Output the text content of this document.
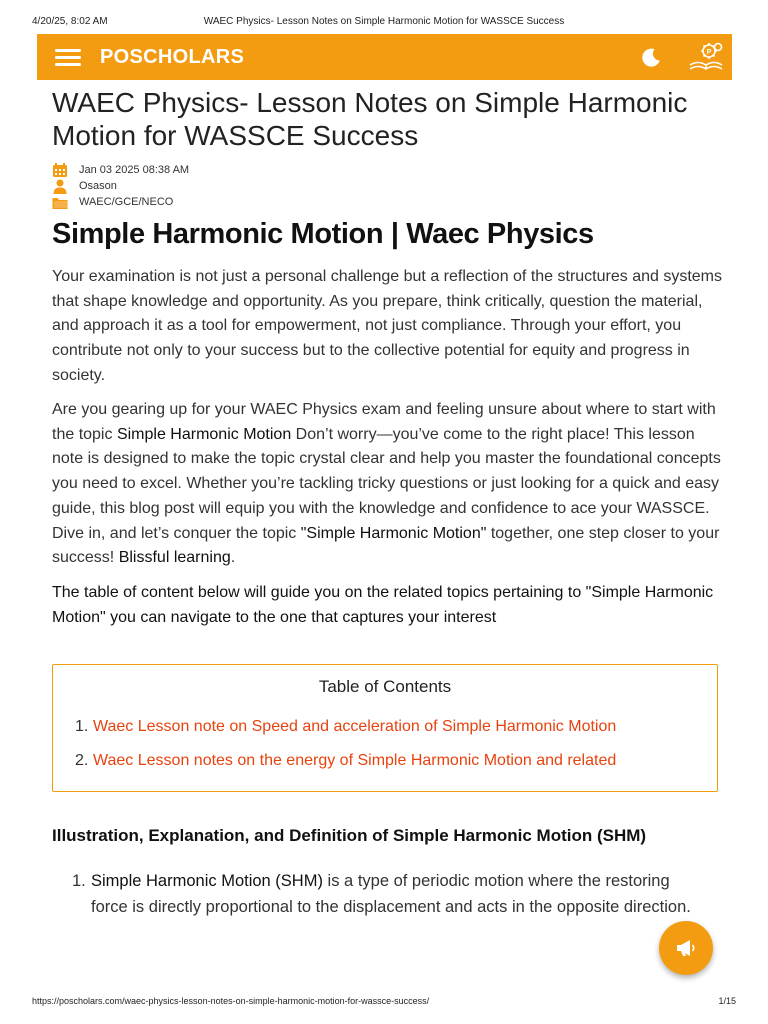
4/20/25, 8:02 AM	WAEC Physics- Lesson Notes on Simple Harmonic Motion for WASSCE Success
POSCHOLARS	P
WAEC Physics- Lesson Notes on Simple Harmonic Motion for WASSCE Success
Jan 03 2025 08:38 AM
Osason
WAEC/GCE/NECO
Simple Harmonic Motion | Waec Physics

Your examination is not just a personal challenge but a reflection of the structures and systems that shape knowledge and opportunity. As you prepare, think critically, question the material, and approach it as a tool for empowerment, not just compliance. Through your effort, you contribute not only to your success but to the collective potential for equity and progress in society.

Are you gearing up for your WAEC Physics exam and feeling unsure about where to start with the topic Simple Harmonic Motion Don’t worry—you’ve come to the right place! This lesson note is designed to make the topic crystal clear and help you master the foundational concepts you need to excel. Whether you’re tackling tricky questions or just looking for a quick and easy guide, this blog post will equip you with the knowledge and confidence to ace your WASSCE. Dive in, and let’s conquer the topic "Simple Harmonic Motion" together, one step closer to your success! Blissful learning.

The table of content below will guide you on the related topics pertaining to "Simple Harmonic Motion" you can navigate to the one that captures your interest

Table of Contents
1. Waec Lesson note on Speed and acceleration of Simple Harmonic Motion
2. Waec Lesson notes on the energy of Simple Harmonic Motion and related
Illustration, Explanation, and Definition of Simple Harmonic Motion (SHM)
1. Simple Harmonic Motion (SHM) is a type of periodic motion where the restoring force is directly proportional to the displacement and acts in the opposite direction.
https://poscholars.com/waec-physics-lesson-notes-on-simple-harmonic-motion-for-wassce-success/	1/15
